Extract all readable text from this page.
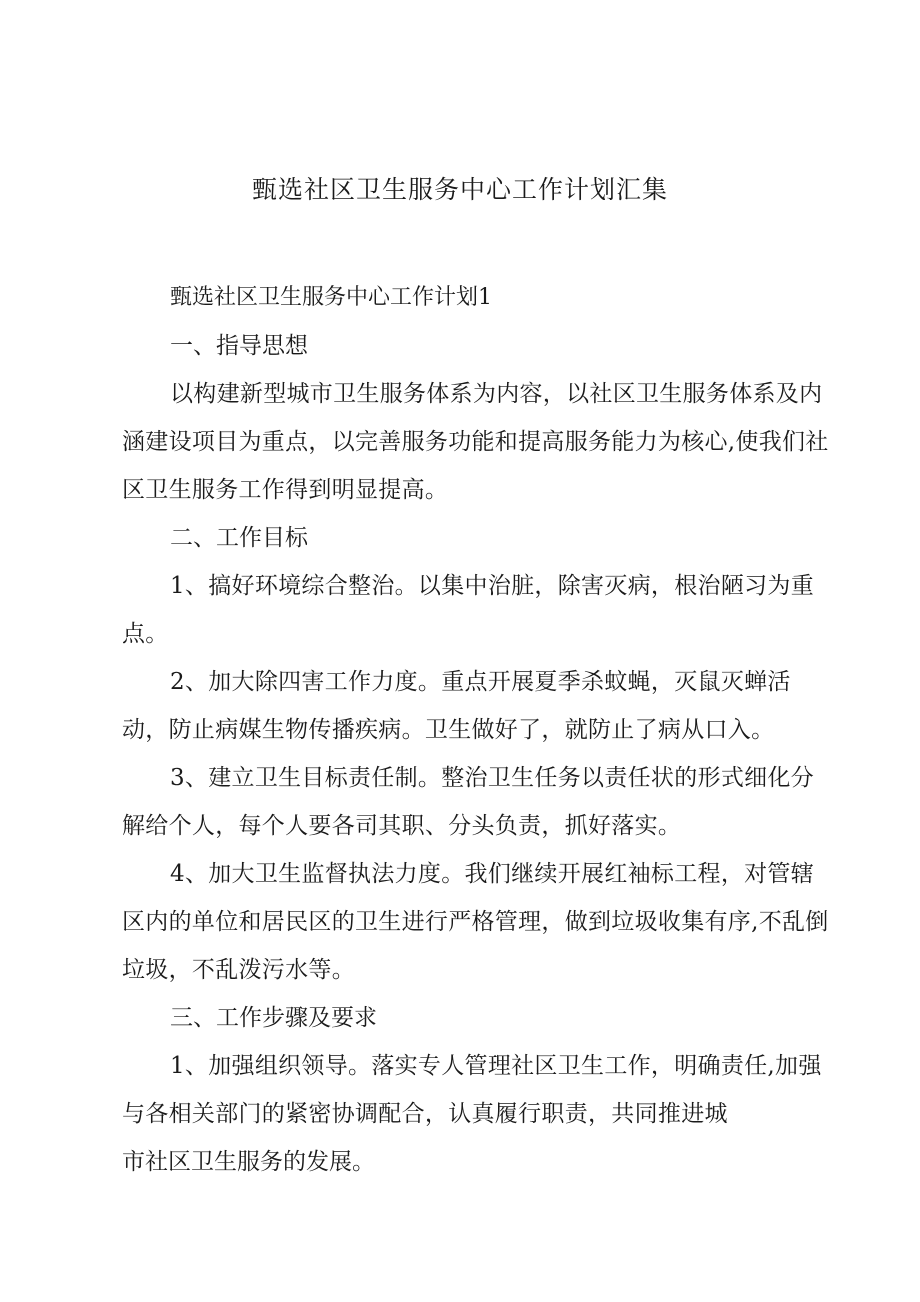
甄选社区卫生服务中心工作计划汇集

甄选社区卫生服务中心工作计划1

一、指导思想

以构建新型城市卫生服务体系为内容，以社区卫生服务体系及内涵建设项目为重点，以完善服务功能和提高服务能力为核心,使我们社区卫生服务工作得到明显提高。

二、工作目标

1、搞好环境综合整治。以集中治脏，除害灭病，根治陋习为重点。

2、加大除四害工作力度。重点开展夏季杀蚊蝇，灭鼠灭蝉活动，防止病媒生物传播疾病。卫生做好了，就防止了病从口入。

3、建立卫生目标责任制。整治卫生任务以责任状的形式细化分解给个人，每个人要各司其职、分头负责，抓好落实。

4、加大卫生监督执法力度。我们继续开展红袖标工程，对管辖区内的单位和居民区的卫生进行严格管理，做到垃圾收集有序,不乱倒垃圾，不乱泼污水等。

三、工作步骤及要求

1、加强组织领导。落实专人管理社区卫生工作，明确责任,加强与各相关部门的紧密协调配合，认真履行职责，共同推进城

市社区卫生服务的发展。
